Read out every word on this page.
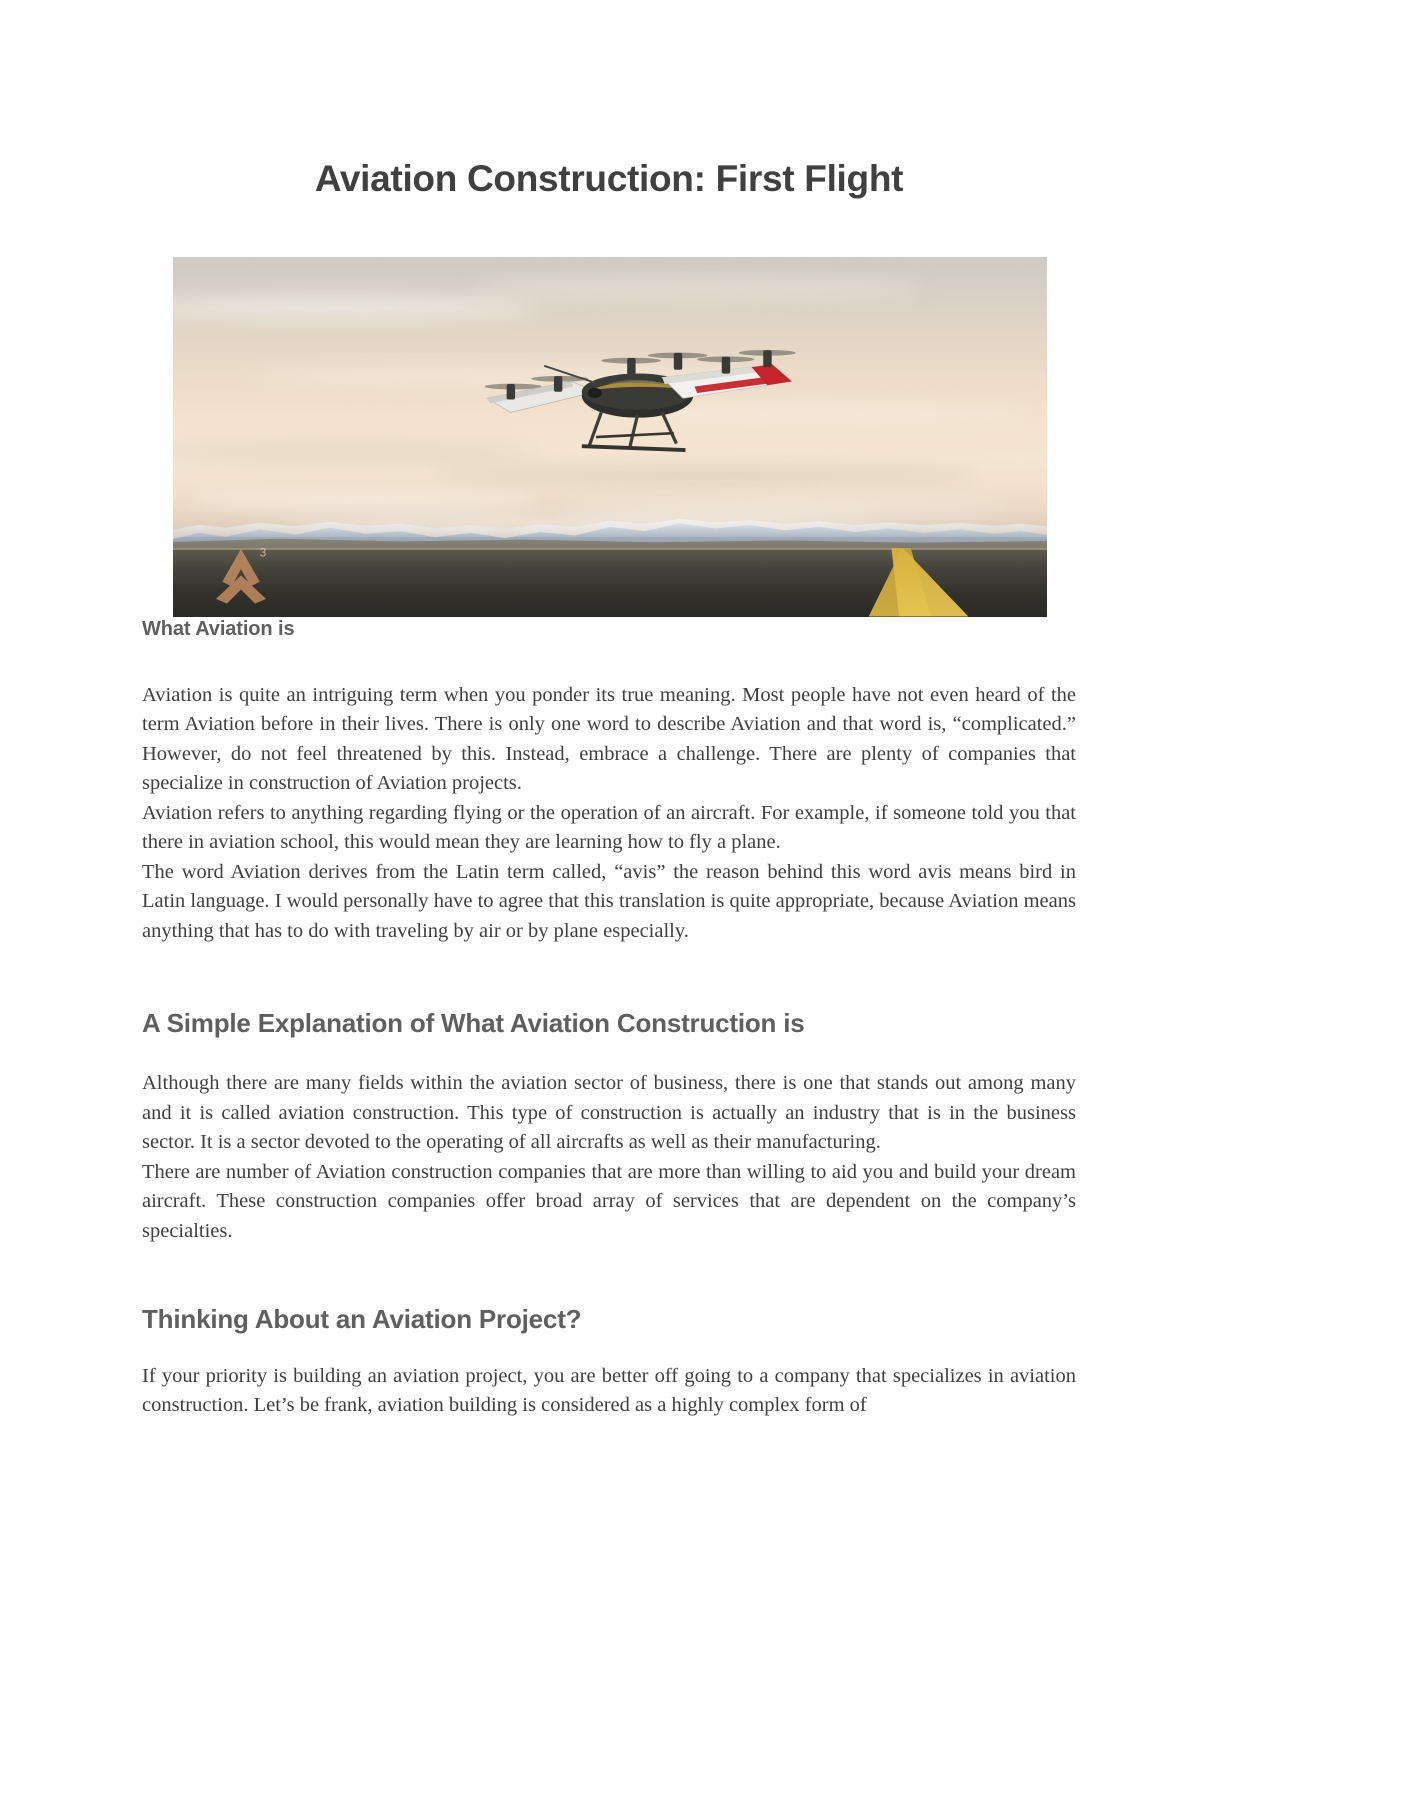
Aviation Construction: First Flight
3
What Aviation is

Aviation is quite an intriguing term when you ponder its true meaning. Most people have not even heard of the term Aviation before in their lives. There is only one word to describe Aviation and that word is, “complicated.” However, do not feel threatened by this. Instead, embrace a challenge. There are plenty of companies that specialize in construction of Aviation projects.

Aviation refers to anything regarding flying or the operation of an aircraft. For example, if someone told you that there in aviation school, this would mean they are learning how to fly a plane.

The word Aviation derives from the Latin term called, “avis” the reason behind this word avis means bird in Latin language. I would personally have to agree that this translation is quite appropriate, because Aviation means anything that has to do with traveling by air or by plane especially.

A Simple Explanation of What Aviation Construction is

Although there are many fields within the aviation sector of business, there is one that stands out among many and it is called aviation construction. This type of construction is actually an industry that is in the business sector. It is a sector devoted to the operating of all aircrafts as well as their manufacturing.

There are number of Aviation construction companies that are more than willing to aid you and build your dream aircraft. These construction companies offer broad array of services that are dependent on the company’s specialties.

Thinking About an Aviation Project?

If your priority is building an aviation project, you are better off going to a company that specializes in aviation construction. Let’s be frank, aviation building is considered as a highly complex form of
